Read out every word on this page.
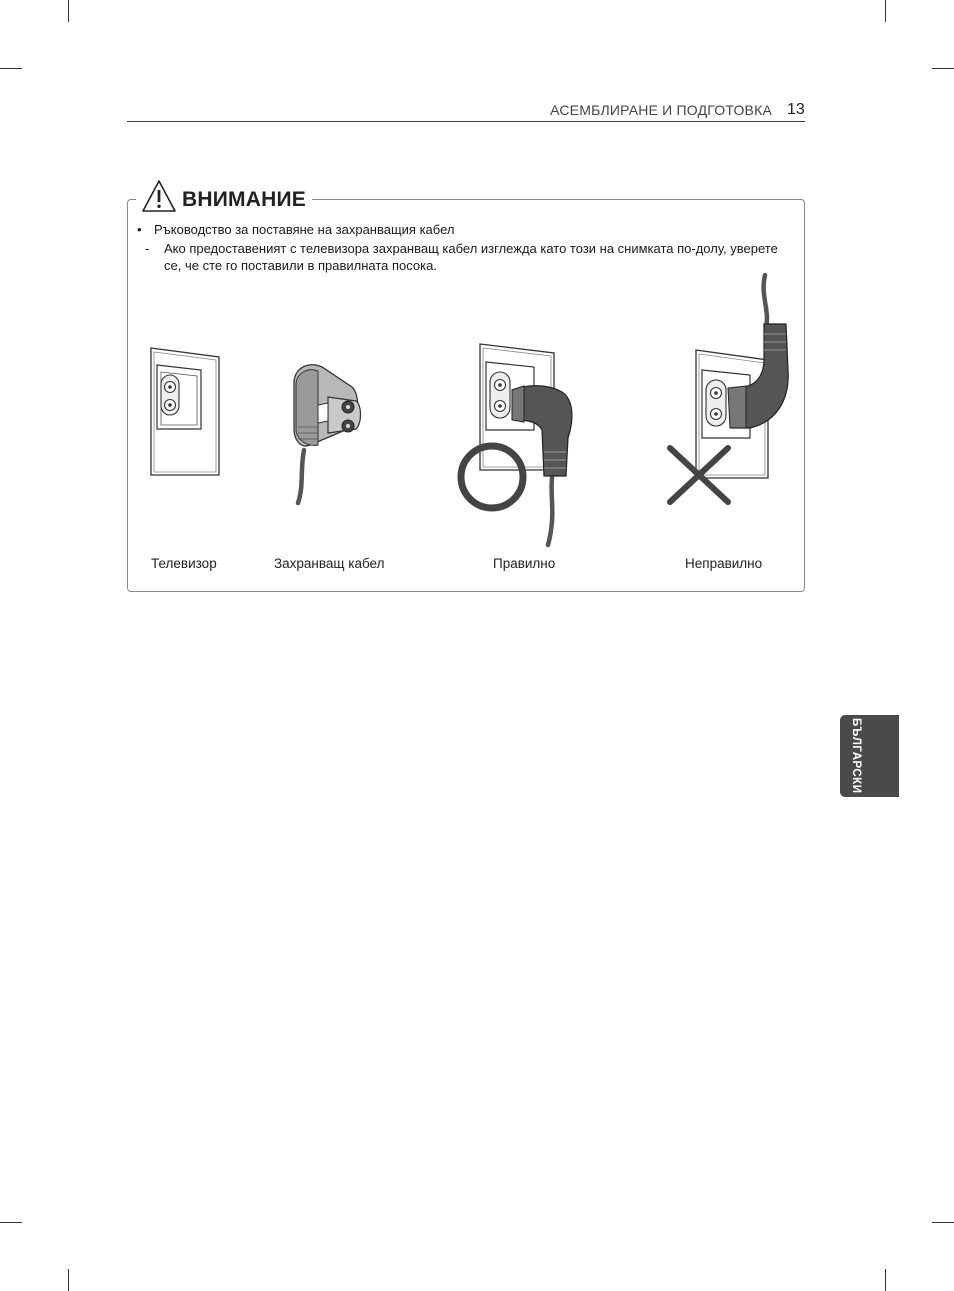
АСЕМБЛИРАНЕ И ПОДГОТОВКА 13
ВНИМАНИЕ
• Ръководство за поставяне на захранващия кабел
- Ако предоставеният с телевизора захранващ кабел изглежда като този на снимката по-долу, уверете се, че сте го поставили в правилната посока.
Телевизор	Захранващ кабел	Правилно	Неправилно
БЪЛГАРСКИ
